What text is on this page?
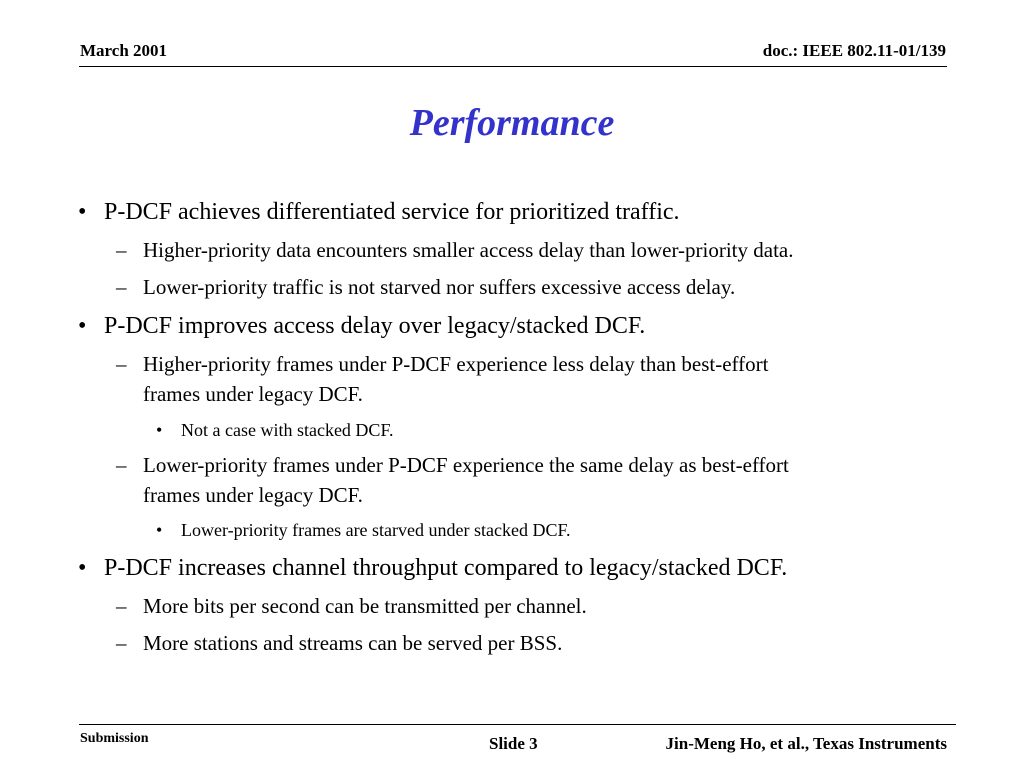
March 2001	doc.: IEEE 802.11-01/139
Performance
• P-DCF achieves differentiated service for prioritized traffic.
– Higher-priority data encounters smaller access delay than lower-priority data.
– Lower-priority traffic is not starved nor suffers excessive access delay.
• P-DCF improves access delay over legacy/stacked DCF.
– Higher-priority frames under P-DCF experience less delay than best-effort
frames under legacy DCF.
• Not a case with stacked DCF.
– Lower-priority frames under P-DCF experience the same delay as best-effort
frames under legacy DCF.
• Lower-priority frames are starved under stacked DCF.
• P-DCF increases channel throughput compared to legacy/stacked DCF.
– More bits per second can be transmitted per channel.
– More stations and streams can be served per BSS.
Submission	Slide 3	Jin-Meng Ho, et al., Texas Instruments
